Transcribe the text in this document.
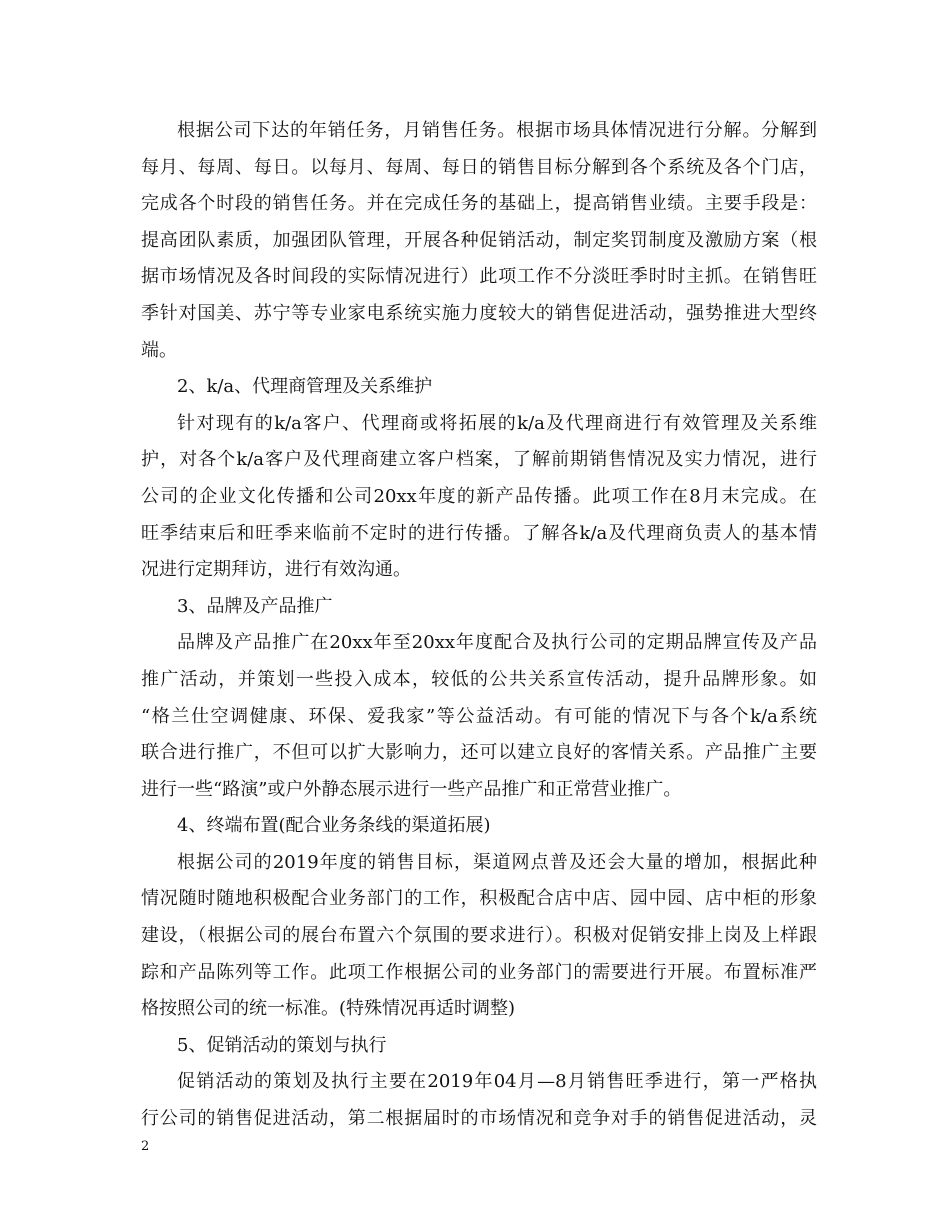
根据公司下达的年销任务，月销售任务。根据市场具体情况进行分解。分解到
每月、每周、每日。以每月、每周、每日的销售目标分解到各个系统及各个门店，
完成各个时段的销售任务。并在完成任务的基础上，提高销售业绩。主要手段是：
提高团队素质，加强团队管理，开展各种促销活动，制定奖罚制度及激励方案（根
据市场情况及各时间段的实际情况进行）此项工作不分淡旺季时时主抓。在销售旺
季针对国美、苏宁等专业家电系统实施力度较大的销售促进活动，强势推进大型终
端。
2、k/a、代理商管理及关系维护
针对现有的k/a客户、代理商或将拓展的k/a及代理商进行有效管理及关系维
护，对各个k/a客户及代理商建立客户档案，了解前期销售情况及实力情况，进行
公司的企业文化传播和公司20xx年度的新产品传播。此项工作在8月末完成。在
旺季结束后和旺季来临前不定时的进行传播。了解各k/a及代理商负责人的基本情
况进行定期拜访，进行有效沟通。
3、品牌及产品推广
品牌及产品推广在20xx年至20xx年度配合及执行公司的定期品牌宣传及产品
推广活动，并策划一些投入成本，较低的公共关系宣传活动，提升品牌形象。如
“格兰仕空调健康、环保、爱我家”等公益活动。有可能的情况下与各个k/a系统
联合进行推广，不但可以扩大影响力，还可以建立良好的客情关系。产品推广主要
进行一些“路演”或户外静态展示进行一些产品推广和正常营业推广。
4、终端布置(配合业务条线的渠道拓展)
根据公司的2019年度的销售目标，渠道网点普及还会大量的增加，根据此种
情况随时随地积极配合业务部门的工作，积极配合店中店、园中园、店中柜的形象
建设，（根据公司的展台布置六个氛围的要求进行）。积极对促销安排上岗及上样跟
踪和产品陈列等工作。此项工作根据公司的业务部门的需要进行开展。布置标准严
格按照公司的统一标准。(特殊情况再适时调整)
5、促销活动的策划与执行
促销活动的策划及执行主要在2019年04月—8月销售旺季进行，第一严格执
行公司的销售促进活动，第二根据届时的市场情况和竞争对手的销售促进活动，灵
2
